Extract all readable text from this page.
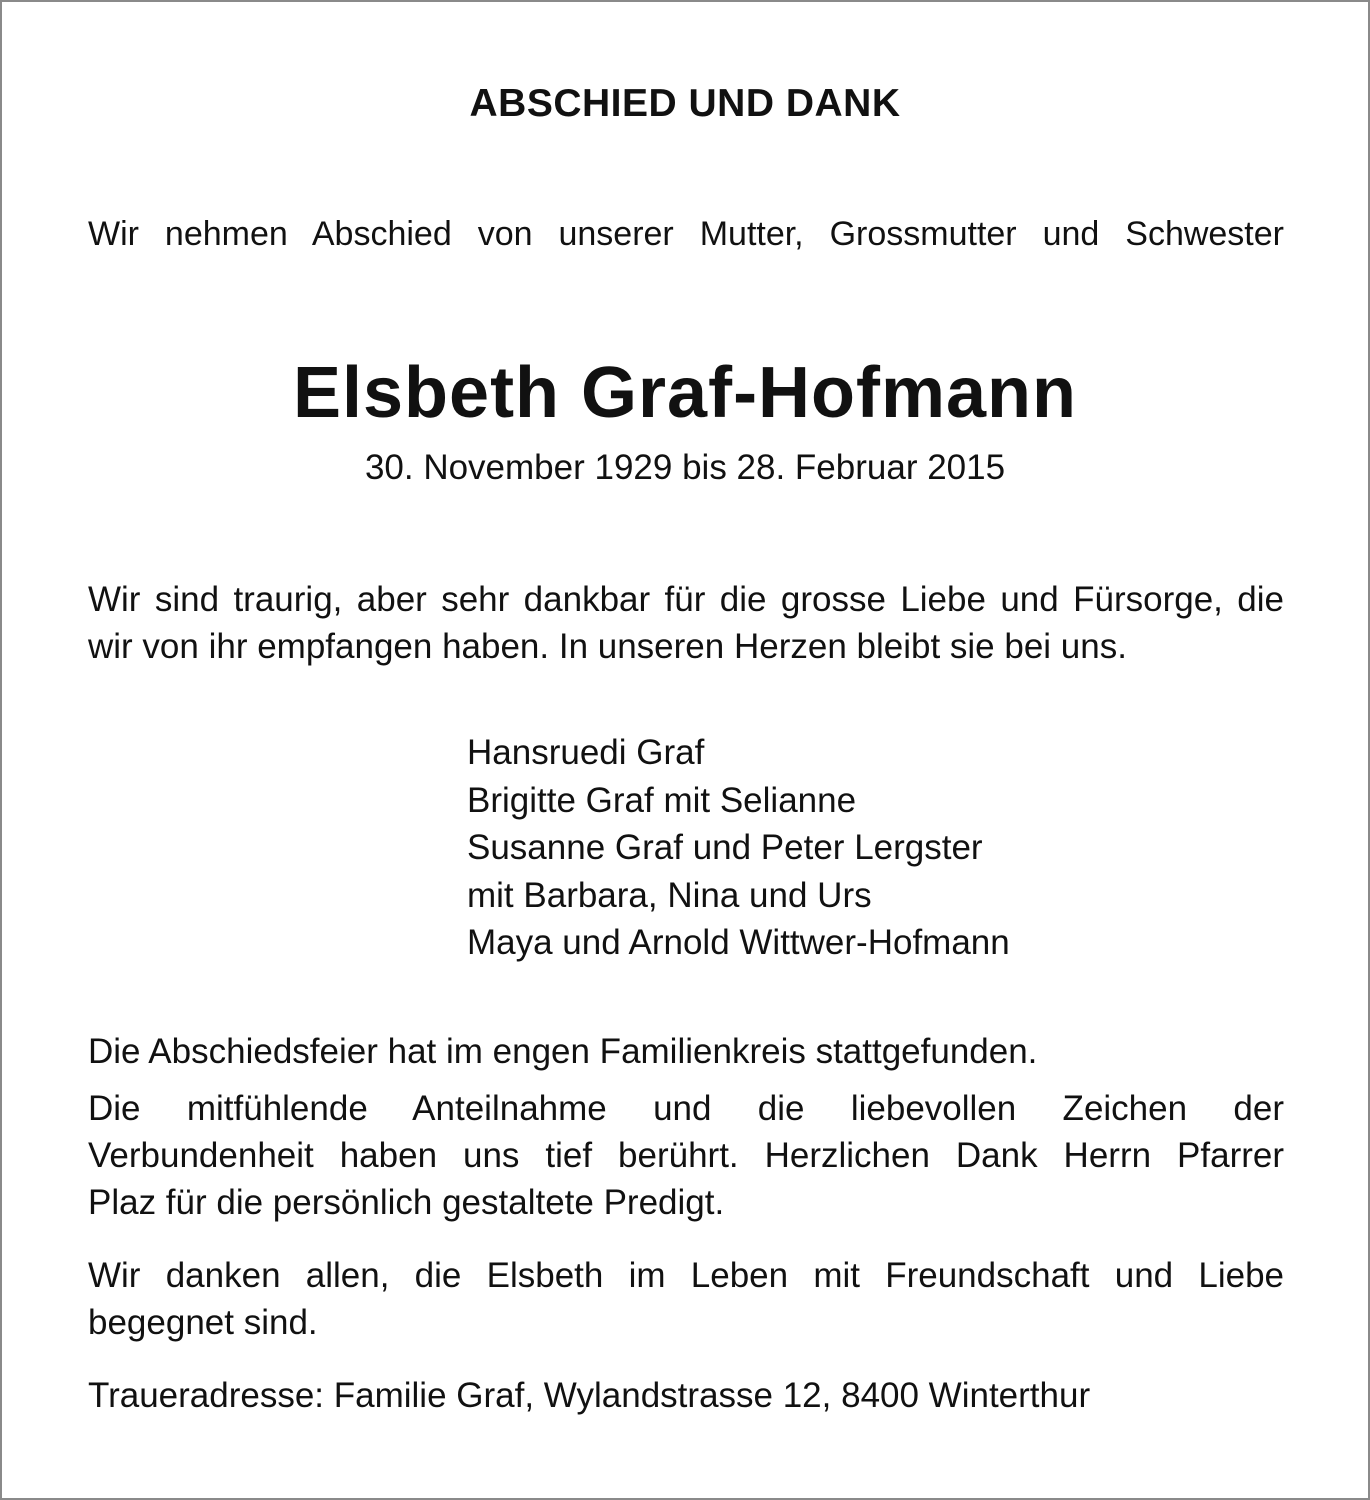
ABSCHIED UND DANK

Wir nehmen Abschied von unserer Mutter, Grossmutter und Schwester

Elsbeth Graf-Hofmann

30. November 1929 bis 28. Februar 2015

Wir sind traurig, aber sehr dankbar für die grosse Liebe und Fürsorge, die
wir von ihr empfangen haben. In unseren Herzen bleibt sie bei uns.

Hansruedi Graf
Brigitte Graf mit Selianne
Susanne Graf und Peter Lergster
mit Barbara, Nina und Urs
Maya und Arnold Wittwer-Hofmann

Die Abschiedsfeier hat im engen Familienkreis stattgefunden.

Die mitfühlende Anteilnahme und die liebevollen Zeichen der
Verbundenheit haben uns tief berührt. Herzlichen Dank Herrn Pfarrer
Plaz für die persönlich gestaltete Predigt.

Wir danken allen, die Elsbeth im Leben mit Freundschaft und Liebe
begegnet sind.

Traueradresse: Familie Graf, Wylandstrasse 12, 8400 Winterthur
